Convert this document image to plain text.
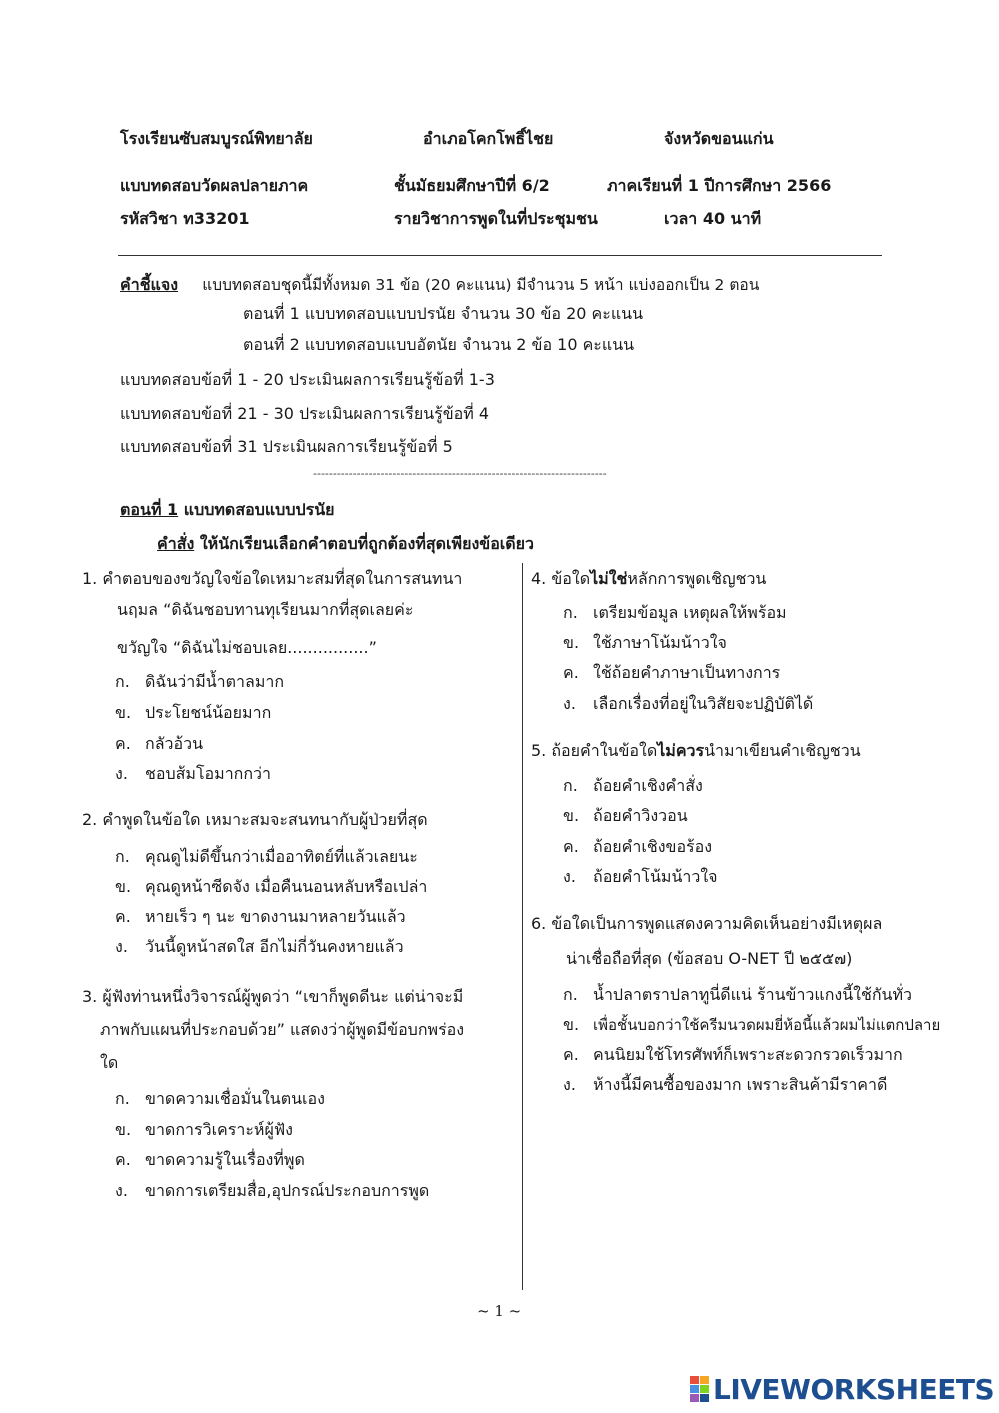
โรงเรียนซับสมบูรณ์พิทยาลัย	อำเภอโคกโพธิ์ไชย	จังหวัดขอนแก่น
แบบทดสอบวัดผลปลายภาค	ชั้นมัธยมศึกษาปีที่ 6/2	ภาคเรียนที่ 1 ปีการศึกษา 2566
รหัสวิชา ท33201	รายวิชาการพูดในที่ประชุมชน	เวลา 40 นาที
คำชี้แจง แบบทดสอบชุดนี้มีทั้งหมด 31 ข้อ (20 คะแนน) มีจำนวน 5 หน้า แบ่งออกเป็น 2 ตอน
ตอนที่ 1 แบบทดสอบแบบปรนัย จำนวน 30 ข้อ 20 คะแนน
ตอนที่ 2 แบบทดสอบแบบอัตนัย จำนวน 2 ข้อ 10 คะแนน
แบบทดสอบข้อที่ 1 - 20 ประเมินผลการเรียนรู้ข้อที่ 1-3
แบบทดสอบข้อที่ 21 - 30 ประเมินผลการเรียนรู้ข้อที่ 4
แบบทดสอบข้อที่ 31 ประเมินผลการเรียนรู้ข้อที่ 5
--------------------------------------------------------------------------
ตอนที่ 1 แบบทดสอบแบบปรนัย
คำสั่ง ให้นักเรียนเลือกคำตอบที่ถูกต้องที่สุดเพียงข้อเดียว
1. คำตอบของขวัญใจข้อใดเหมาะสมที่สุดในการสนทนา
นฤมล “ดิฉันชอบทานทุเรียนมากที่สุดเลยค่ะ
ขวัญใจ “ดิฉันไม่ชอบเลย................”
ก. ดิฉันว่ามีน้ำตาลมาก
ข. ประโยชน์น้อยมาก
ค. กลัวอ้วน
ง. ชอบส้มโอมากกว่า
2. คำพูดในข้อใด เหมาะสมจะสนทนากับผู้ป่วยที่สุด
ก. คุณดูไม่ดีขึ้นกว่าเมื่ออาทิตย์ที่แล้วเลยนะ
ข. คุณดูหน้าซีดจัง เมื่อคืนนอนหลับหรือเปล่า
ค. หายเร็ว ๆ นะ ขาดงานมาหลายวันแล้ว
ง. วันนี้ดูหน้าสดใส อีกไม่กี่วันคงหายแล้ว
3. ผู้ฟังท่านหนึ่งวิจารณ์ผู้พูดว่า “เขาก็พูดดีนะ แต่น่าจะมี
ภาพกับแผนที่ประกอบด้วย” แสดงว่าผู้พูดมีข้อบกพร่อง
ใด
ก. ขาดความเชื่อมั่นในตนเอง
ข. ขาดการวิเคราะห์ผู้ฟัง
ค. ขาดความรู้ในเรื่องที่พูด
ง. ขาดการเตรียมสื่อ,อุปกรณ์ประกอบการพูด
4. ข้อใดไม่ใช่หลักการพูดเชิญชวน
ก. เตรียมข้อมูล เหตุผลให้พร้อม
ข. ใช้ภาษาโน้มน้าวใจ
ค. ใช้ถ้อยคำภาษาเป็นทางการ
ง. เลือกเรื่องที่อยู่ในวิสัยจะปฏิบัติได้
5. ถ้อยคำในข้อใดไม่ควรนำมาเขียนคำเชิญชวน
ก. ถ้อยคำเชิงคำสั่ง
ข. ถ้อยคำวิงวอน
ค. ถ้อยคำเชิงขอร้อง
ง. ถ้อยคำโน้มน้าวใจ
6. ข้อใดเป็นการพูดแสดงความคิดเห็นอย่างมีเหตุผล
น่าเชื่อถือที่สุด (ข้อสอบ O-NET ปี ๒๕๕๗)
ก. น้ำปลาตราปลาทูนี่ดีแน่ ร้านข้าวแกงนี้ใช้กันทั่ว
ข. เพื่อชั้นบอกว่าใช้ครีมนวดผมยี่ห้อนี้แล้วผมไม่แตกปลาย
ค. คนนิยมใช้โทรศัพท์ก็เพราะสะดวกรวดเร็วมาก
ง. ห้างนี้มีคนซื้อของมาก เพราะสินค้ามีราคาดี
~ 1 ~
LIVEWORKSHEETS
